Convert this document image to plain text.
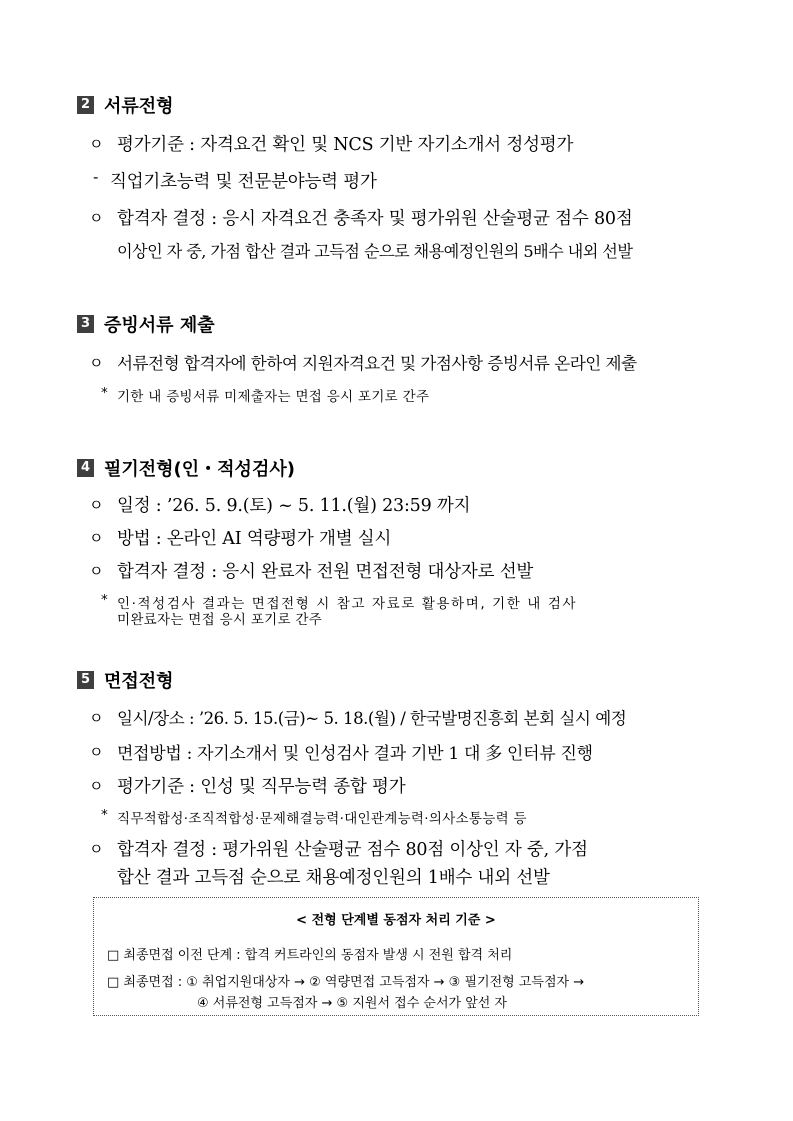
2 서류전형
ㅇ 평가기준 : 자격요건 확인 및 NCS 기반 자기소개서 정성평가
- 직업기초능력 및 전문분야능력 평가
ㅇ 합격자 결정 : 응시 자격요건 충족자 및 평가위원 산술평균 점수 80점
이상인 자 중, 가점 합산 결과 고득점 순으로 채용예정인원의 5배수 내외 선발
3 증빙서류 제출
ㅇ 서류전형 합격자에 한하여 지원자격요건 및 가점사항 증빙서류 온라인 제출
* 기한 내 증빙서류 미제출자는 면접 응시 포기로 간주
4 필기전형(인・적성검사)
ㅇ 일정 : ’26. 5. 9.(토) ~ 5. 11.(월) 23:59 까지
ㅇ 방법 : 온라인 AI 역량평가 개별 실시
ㅇ 합격자 결정 : 응시 완료자 전원 면접전형 대상자로 선발
* 인·적성검사 결과는 면접전형 시 참고 자료로 활용하며, 기한 내 검사
미완료자는 면접 응시 포기로 간주
5 면접전형
ㅇ 일시/장소 : ’26. 5. 15.(금)~ 5. 18.(월) / 한국발명진흥회 본회 실시 예정
ㅇ 면접방법 : 자기소개서 및 인성검사 결과 기반 1 대 多 인터뷰 진행
ㅇ 평가기준 : 인성 및 직무능력 종합 평가
* 직무적합성·조직적합성·문제해결능력·대인관계능력·의사소통능력 등
ㅇ 합격자 결정 : 평가위원 산술평균 점수 80점 이상인 자 중, 가점
합산 결과 고득점 순으로 채용예정인원의 1배수 내외 선발
< 전형 단계별 동점자 처리 기준 >
□ 최종면접 이전 단계 : 합격 커트라인의 동점자 발생 시 전원 합격 처리
□ 최종면접 : ① 취업지원대상자 → ② 역량면접 고득점자 → ③ 필기전형 고득점자 →
④ 서류전형 고득점자 → ⑤ 지원서 접수 순서가 앞선 자
